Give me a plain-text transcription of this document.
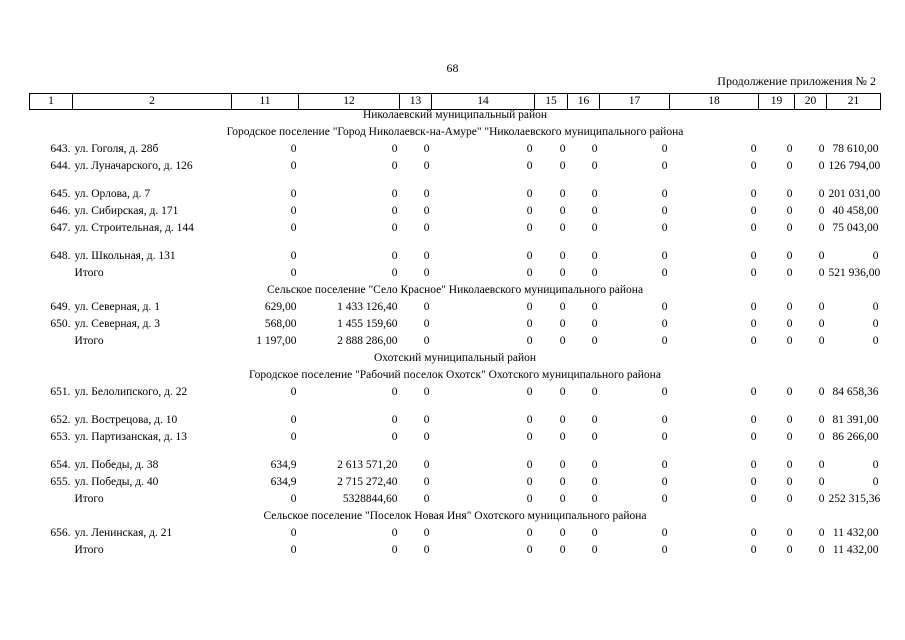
68
Продолжение приложения № 2
1	2	11	12	13	14	15	16	17	18	19	20	21
Николаевский муниципальный район												
Городское поселение "Город Николаевск-на-Амуре" "Николаевского муниципального района												
643.	ул. Гоголя, д. 28б	0	0	0	0	0	0	0	0	0	0	78 610,00
644.	ул. Луначарского, д. 126	0	0	0	0	0	0	0	0	0	0	126 794,00
645.	ул. Орлова, д. 7	0	0	0	0	0	0	0	0	0	0	201 031,00
646.	ул. Сибирская, д. 171	0	0	0	0	0	0	0	0	0	0	40 458,00
647.	ул. Строительная, д. 144	0	0	0	0	0	0	0	0	0	0	75 043,00
648.	ул. Школьная, д. 131	0	0	0	0	0	0	0	0	0	0	0
	Итого	0	0	0	0	0	0	0	0	0	0	521 936,00
Сельское поселение "Село Красное" Николаевского муниципального района												
649.	ул. Северная, д. 1	629,00	1 433 126,40	0	0	0	0	0	0	0	0	0
650.	ул. Северная, д. 3	568,00	1 455 159,60	0	0	0	0	0	0	0	0	0
	Итого	1 197,00	2 888 286,00	0	0	0	0	0	0	0	0	0
Охотский муниципальный район												
Городское поселение "Рабочий поселок Охотск" Охотского муниципального района												
651.	ул. Белолипского, д. 22	0	0	0	0	0	0	0	0	0	0	84 658,36
652.	ул. Вострецова, д. 10	0	0	0	0	0	0	0	0	0	0	81 391,00
653.	ул. Партизанская, д. 13	0	0	0	0	0	0	0	0	0	0	86 266,00
654.	ул. Победы, д. 38	634,9	2 613 571,20	0	0	0	0	0	0	0	0	0
655.	ул. Победы, д. 40	634,9	2 715 272,40	0	0	0	0	0	0	0	0	0
	Итого	0	5328844,60	0	0	0	0	0	0	0	0	252 315,36
Сельское поселение "Поселок Новая Иня" Охотского муниципального района												
656.	ул. Ленинская, д. 21	0	0	0	0	0	0	0	0	0	0	11 432,00
	Итого	0	0	0	0	0	0	0	0	0	0	11 432,00
